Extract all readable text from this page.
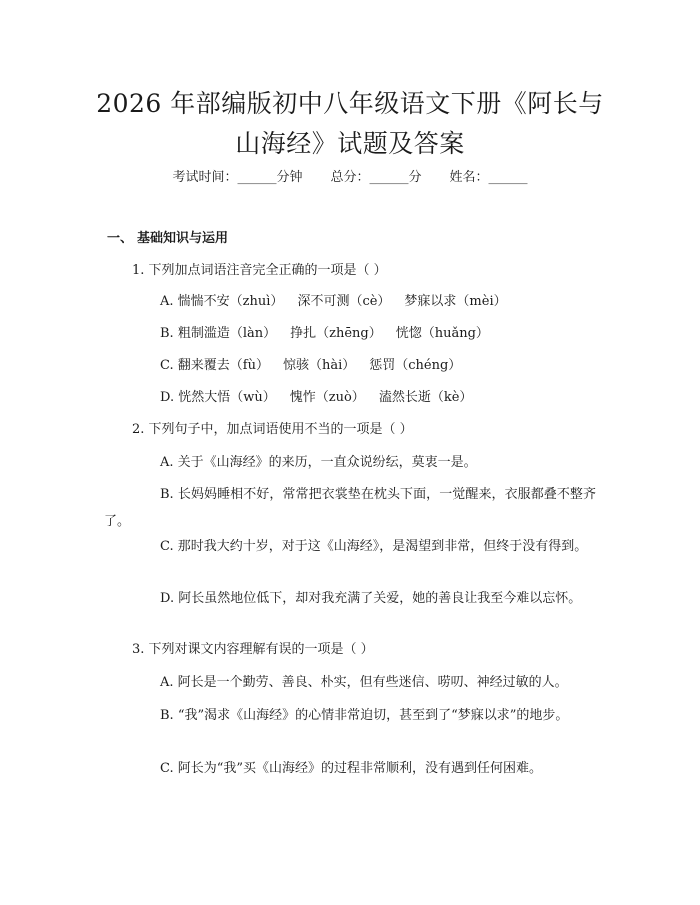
2026 年部编版初中八年级语文下册《阿长与
山海经》试题及答案
考试时间：______分钟 总分：______分 姓名：______
一、 基础知识与运用
1. 下列加点词语注音完全正确的一项是（ ）
A. 惴惴不安（zhuì） 深不可测（cè） 梦寐以求（mèi）
B. 粗制滥造（làn） 挣扎（zhēng） 恍惚（huǎng）
C. 翻来覆去（fù） 惊骇（hài） 惩罚（chéng）
D. 恍然大悟（wù） 愧怍（zuò） 溘然长逝（kè）
2. 下列句子中，加点词语使用不当的一项是（ ）
A. 关于《山海经》的来历，一直众说纷纭，莫衷一是。
B. 长妈妈睡相不好，常常把衣裳垫在枕头下面，一觉醒来，衣服都叠不整齐了。
C. 那时我大约十岁，对于这《山海经》，是渴望到非常，但终于没有得到。
D. 阿长虽然地位低下，却对我充满了关爱，她的善良让我至今难以忘怀。
3. 下列对课文内容理解有误的一项是（ ）
A. 阿长是一个勤劳、善良、朴实，但有些迷信、唠叨、神经过敏的人。
B. “我”渴求《山海经》的心情非常迫切，甚至到了“梦寐以求”的地步。
C. 阿长为“我”买《山海经》的过程非常顺利，没有遇到任何困难。
